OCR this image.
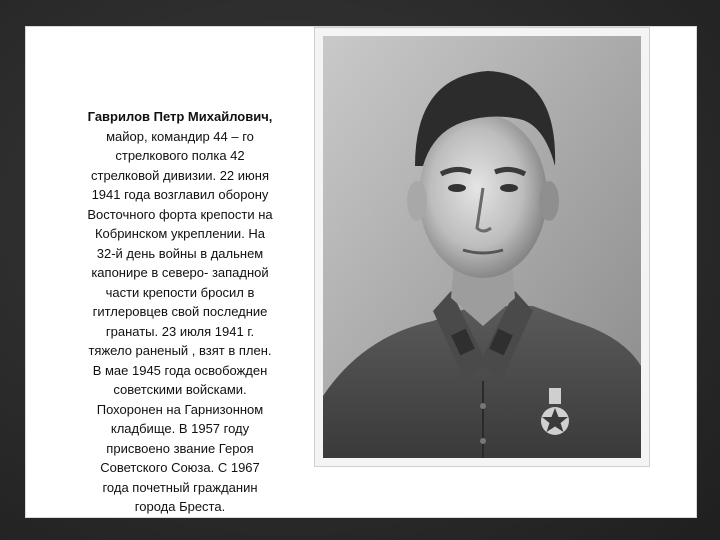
Гаврилов Петр Михайлович,
майор, командир 44 – го
стрелкового полка 42
стрелковой дивизии. 22 июня
1941 года возглавил оборону
Восточного форта крепости на
Кобринском укреплении. На
32-й день войны в дальнем
капонире в северо- западной
части крепости бросил в
гитлеровцев свой последние
гранаты. 23 июля 1941 г.
тяжело раненый , взят в плен.
В мае 1945 года освобожден
советскими войсками.
Похоронен на Гарнизонном
кладбище. В 1957 году
присвоено звание Героя
Советского Союза. С 1967
года почетный гражданин
города Бреста.
